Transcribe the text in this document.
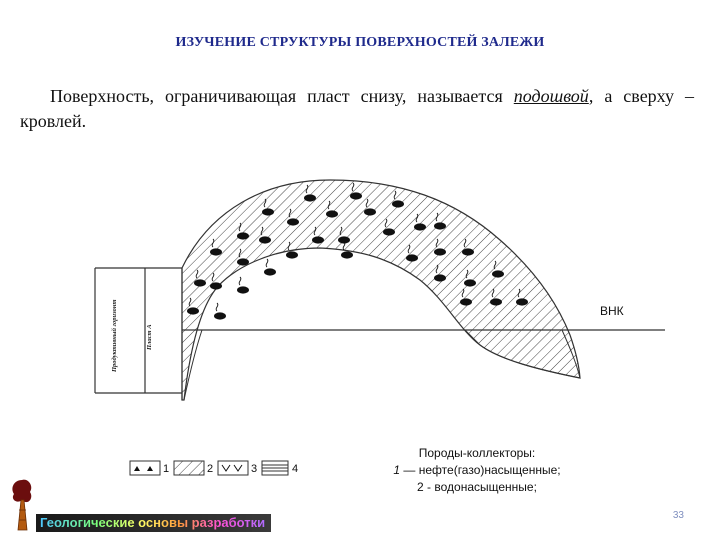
ИЗУЧЕНИЕ СТРУКТУРЫ ПОВЕРХНОСТЕЙ ЗАЛЕЖИ
Поверхность, ограничивающая пласт снизу, называется подошвой, а сверху – кровлей.
Продуктивный горизонт	Пласт А
ВНК
1	2	3	4
Породы-коллекторы:
1 — нефте(газо)насыщенные;
2 - водонасыщенные;
33
Геологические основы разработки
